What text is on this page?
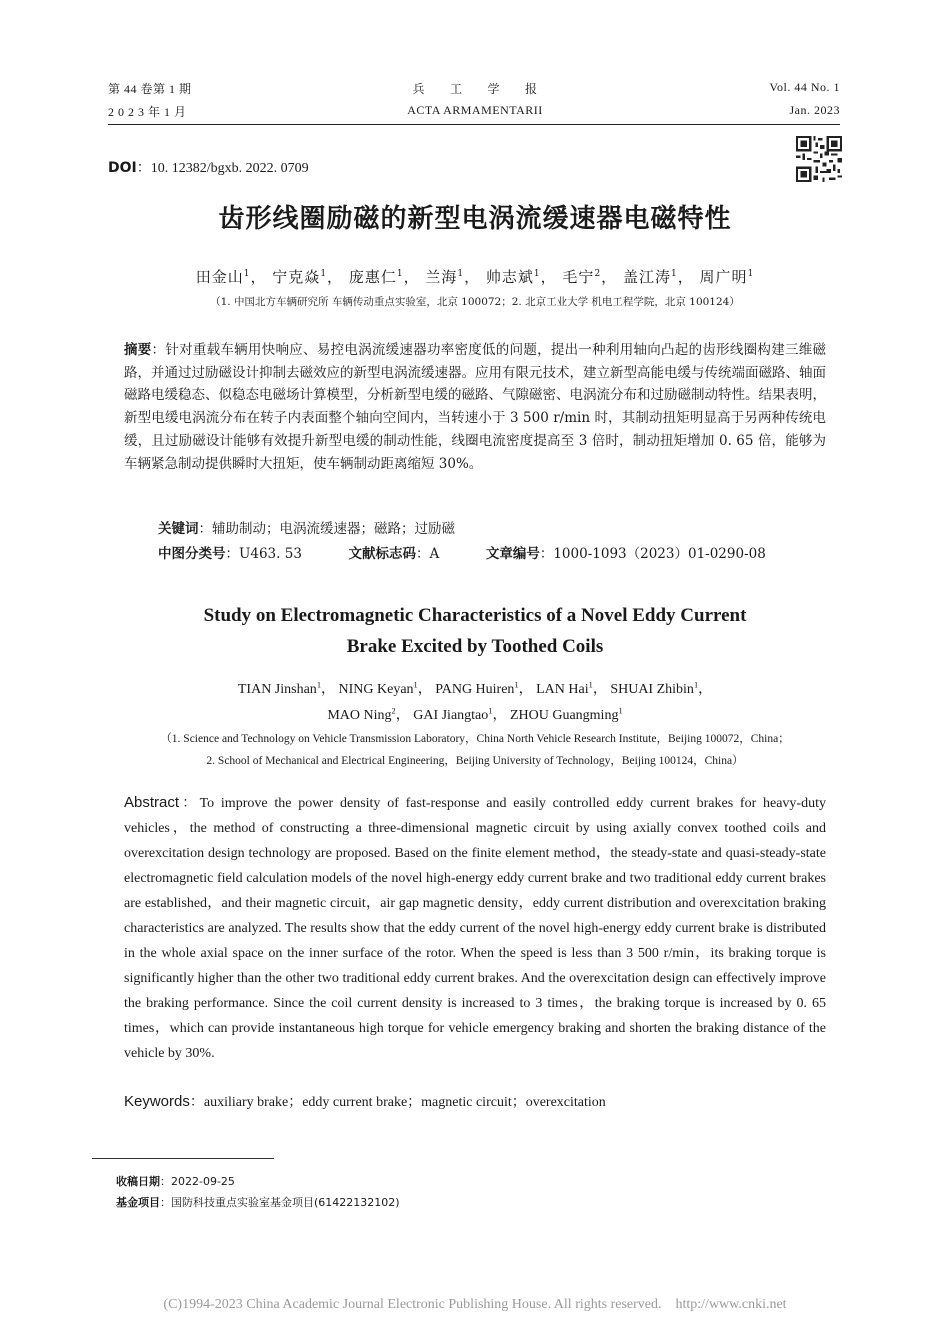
第 44 卷第 1 期
2 0 2 3 年 1 月
兵　　工　　学　　报
ACTA ARMAMENTARII
Vol. 44 No. 1
Jan. 2023
DOI：10. 12382/bgxb. 2022. 0709
齿形线圈励磁的新型电涡流缓速器电磁特性
田金山$^1$， 宁克焱$^1$， 庞惠仁$^1$， 兰海$^1$， 帅志斌$^1$， 毛宁$^2$， 盖江涛$^1$， 周广明$^1$
（1. 中国北方车辆研究所 车辆传动重点实验室，北京 100072；2. 北京工业大学 机电工程学院，北京 100124）
摘要：针对重载车辆用快响应、易控电涡流缓速器功率密度低的问题，提出一种利用轴向凸起的齿形线圈构建三维磁路，并通过过励磁设计抑制去磁效应的新型电涡流缓速器。应用有限元技术，建立新型高能电缓与传统端面磁路、轴面磁路电缓稳态、似稳态电磁场计算模型，分析新型电缓的磁路、气隙磁密、电涡流分布和过励磁制动特性。结果表明，新型电缓电涡流分布在转子内表面整个轴向空间内，当转速小于 3 500 r/min 时，其制动扭矩明显高于另两种传统电缓，且过励磁设计能够有效提升新型电缓的制动性能，线圈电流密度提高至 3 倍时，制动扭矩增加 0. 65 倍，能够为车辆紧急制动提供瞬时大扭矩，使车辆制动距离缩短 30%。
关键词：辅助制动；电涡流缓速器；磁路；过励磁
中图分类号：U463. 53	文献标志码：A	文章编号：1000-1093（2023）01-0290-08
Study on Electromagnetic Characteristics of a Novel Eddy Current
Brake Excited by Toothed Coils
TIAN Jinshan$^1$， NING Keyan$^1$， PANG Huiren$^1$， LAN Hai$^1$， SHUAI Zhibin$^1$，
MAO Ning$^2$， GAI Jiangtao$^1$， ZHOU Guangming$^1$
（1. Science and Technology on Vehicle Transmission Laboratory，China North Vehicle Research Institute，Beijing 100072，China；
2. School of Mechanical and Electrical Engineering，Beijing University of Technology，Beijing 100124，China）
Abstract：To improve the power density of fast-response and easily controlled eddy current brakes for heavy-duty vehicles，the method of constructing a three-dimensional magnetic circuit by using axially convex toothed coils and overexcitation design technology are proposed. Based on the finite element method，the steady-state and quasi-steady-state electromagnetic field calculation models of the novel high-energy eddy current brake and two traditional eddy current brakes are established，and their magnetic circuit，air gap magnetic density，eddy current distribution and overexcitation braking characteristics are analyzed. The results show that the eddy current of the novel high-energy eddy current brake is distributed in the whole axial space on the inner surface of the rotor. When the speed is less than 3 500 r/min，its braking torque is significantly higher than the other two traditional eddy current brakes. And the overexcitation design can effectively improve the braking performance. Since the coil current density is increased to 3 times，the braking torque is increased by 0. 65 times，which can provide instantaneous high torque for vehicle emergency braking and shorten the braking distance of the vehicle by 30%.
Keywords：auxiliary brake；eddy current brake；magnetic circuit；overexcitation
收稿日期：2022-09-25
基金项目：国防科技重点实验室基金项目(61422132102)
(C)1994-2023 China Academic Journal Electronic Publishing House. All rights reserved.    http://www.cnki.net
